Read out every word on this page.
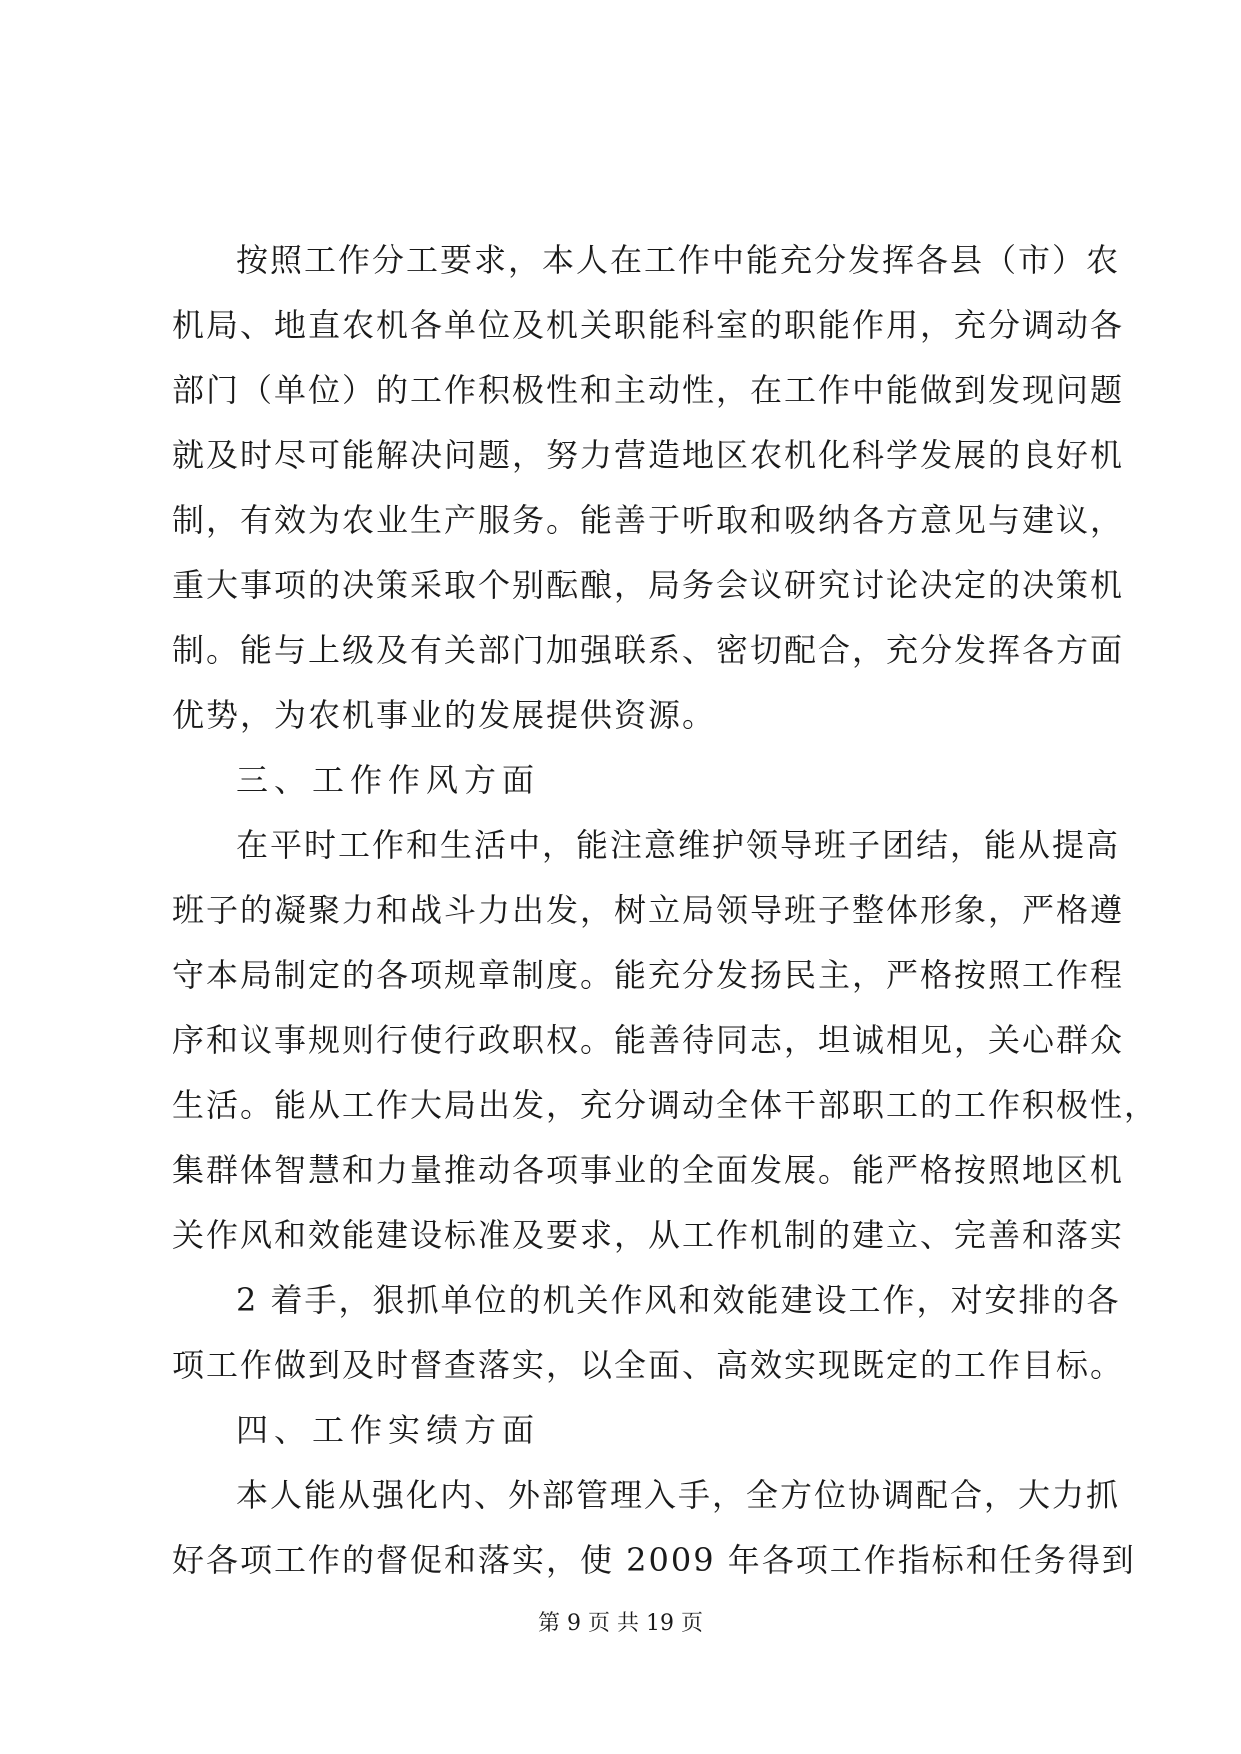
按照工作分工要求，本人在工作中能充分发挥各县（市）农
机局、地直农机各单位及机关职能科室的职能作用，充分调动各
部门（单位）的工作积极性和主动性，在工作中能做到发现问题
就及时尽可能解决问题，努力营造地区农机化科学发展的良好机
制，有效为农业生产服务。能善于听取和吸纳各方意见与建议，
重大事项的决策采取个别酝酿，局务会议研究讨论决定的决策机
制。能与上级及有关部门加强联系、密切配合，充分发挥各方面
优势，为农机事业的发展提供资源。
三、工作作风方面
在平时工作和生活中，能注意维护领导班子团结，能从提高
班子的凝聚力和战斗力出发，树立局领导班子整体形象，严格遵
守本局制定的各项规章制度。能充分发扬民主，严格按照工作程
序和议事规则行使行政职权。能善待同志，坦诚相见，关心群众
生活。能从工作大局出发，充分调动全体干部职工的工作积极性，
集群体智慧和力量推动各项事业的全面发展。能严格按照地区机
关作风和效能建设标准及要求，从工作机制的建立、完善和落实
2 着手，狠抓单位的机关作风和效能建设工作，对安排的各
项工作做到及时督查落实，以全面、高效实现既定的工作目标。
四、工作实绩方面
本人能从强化内、外部管理入手，全方位协调配合，大力抓
好各项工作的督促和落实，使 2009 年各项工作指标和任务得到
第 9 页 共 19 页
